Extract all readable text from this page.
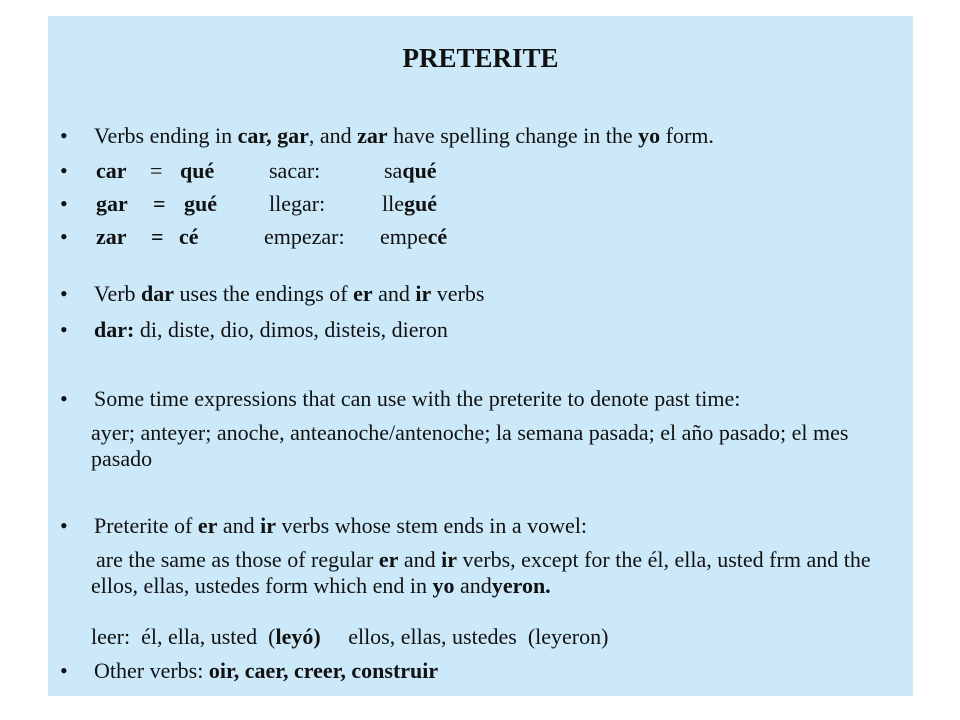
PRETERITE
• Verbs ending in car, gar, and zar have spelling change in the yo form.
• car	= qué	sacar:	saqué
• gar	= gué	llegar:	llegué
• zar	= cé	empezar:	empecé
• Verb dar uses the endings of er and ir verbs
• dar: di, diste, dio, dimos, disteis, dieron
• Some time expressions that can use with the preterite to denote past time:
ayer; anteyer; anoche, anteanoche/antenoche; la semana pasada; el año pasado; el mes pasado
• Preterite of er and ir verbs whose stem ends in a vowel:
are the same as those of regular er and ir verbs, except for the él, ella, usted frm and the ellos, ellas, ustedes form which end in yo andyeron.
leer:  él, ella, usted  (leyó)     ellos, ellas, ustedes  (leyeron)
• Other verbs: oir, caer, creer, construir
